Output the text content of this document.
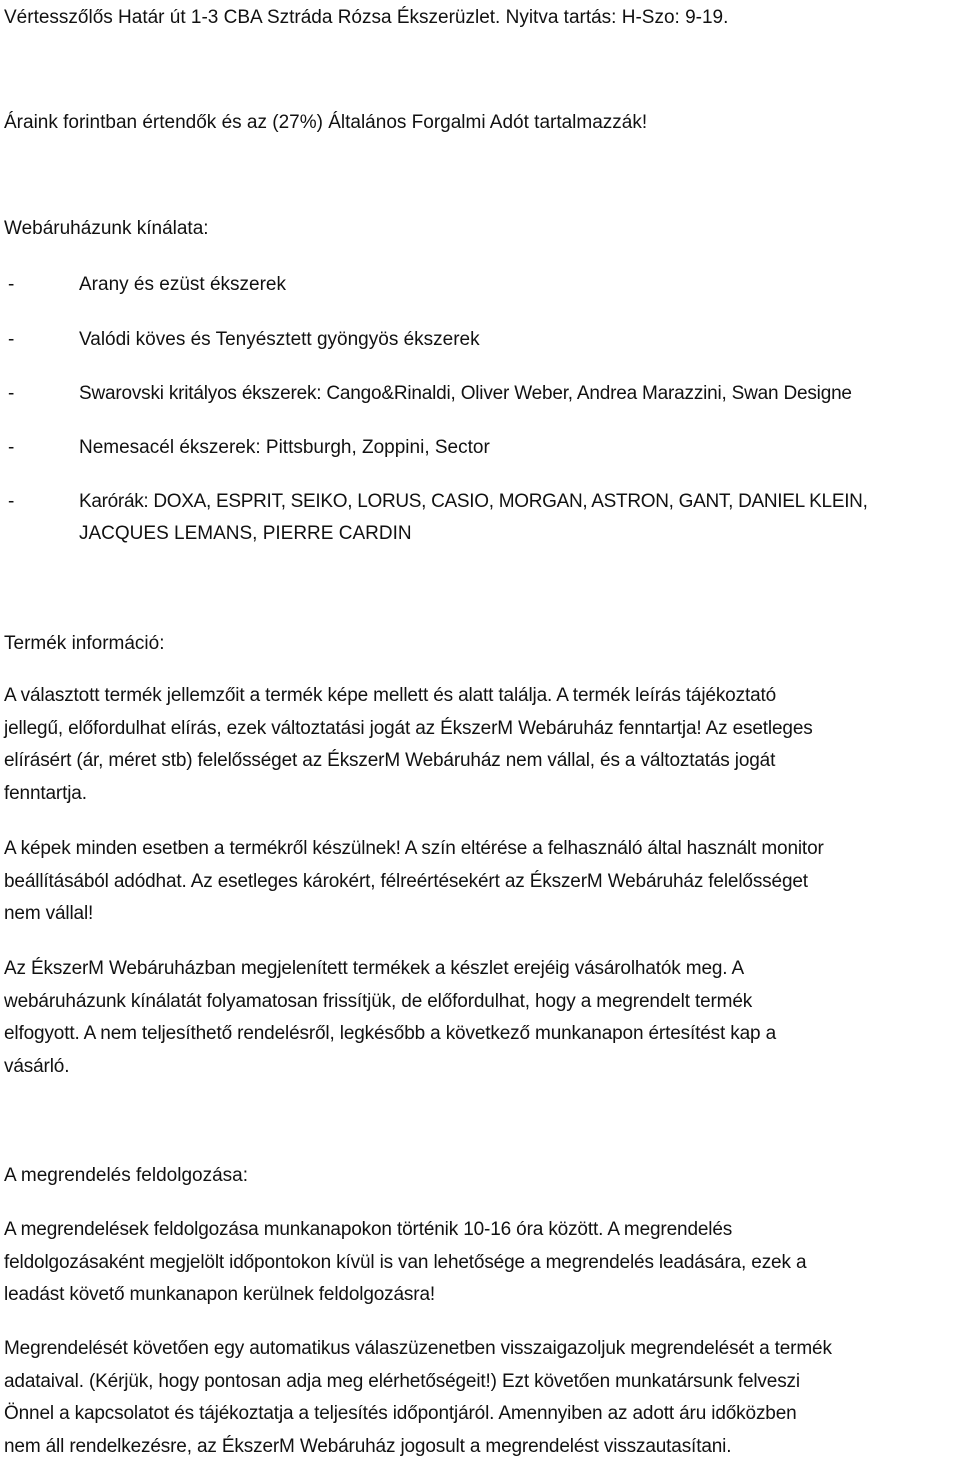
Vértesszőlős Határ út 1-3 CBA Sztráda Rózsa Ékszerüzlet. Nyitva tartás: H-Szo: 9-19.
Áraink forintban értendők és az (27%) Általános Forgalmi Adót tartalmazzák!
Webáruházunk kínálata:
-	Arany és ezüst ékszerek
-	Valódi köves és Tenyésztett gyöngyös ékszerek
-	Swarovski kritályos ékszerek: Cango&Rinaldi, Oliver Weber, Andrea Marazzini, Swan Designe
-	Nemesacél ékszerek: Pittsburgh, Zoppini, Sector
-	Karórák: DOXA, ESPRIT, SEIKO, LORUS, CASIO, MORGAN, ASTRON, GANT, DANIEL KLEIN,
JACQUES LEMANS, PIERRE CARDIN
Termék információ:
A választott termék jellemzőit a termék képe mellett és alatt találja. A termék leírás tájékoztató
jellegű, előfordulhat elírás, ezek változtatási jogát az ÉkszerM Webáruház fenntartja! Az esetleges
elírásért (ár, méret stb) felelősséget az ÉkszerM Webáruház nem vállal, és a változtatás jogát
fenntartja.
A képek minden esetben a termékről készülnek! A szín eltérése a felhasználó által használt monitor
beállításából adódhat. Az esetleges károkért, félreértésekért az ÉkszerM Webáruház felelősséget
nem vállal!
Az ÉkszerM Webáruházban megjelenített termékek a készlet erejéig vásárolhatók meg. A
webáruházunk kínálatát folyamatosan frissítjük, de előfordulhat, hogy a megrendelt termék
elfogyott. A nem teljesíthető rendelésről, legkésőbb a következő munkanapon értesítést kap a
vásárló.
A megrendelés feldolgozása:
A megrendelések feldolgozása munkanapokon történik 10-16 óra között. A megrendelés
feldolgozásaként megjelölt időpontokon kívül is van lehetősége a megrendelés leadására, ezek a
leadást követő munkanapon kerülnek feldolgozásra!
Megrendelését követően egy automatikus válaszüzenetben visszaigazoljuk megrendelését a termék
adataival. (Kérjük, hogy pontosan adja meg elérhetőségeit!) Ezt követően munkatársunk felveszi
Önnel a kapcsolatot és tájékoztatja a teljesítés időpontjáról. Amennyiben az adott áru időközben
nem áll rendelkezésre, az ÉkszerM Webáruház jogosult a megrendelést visszautasítani.
